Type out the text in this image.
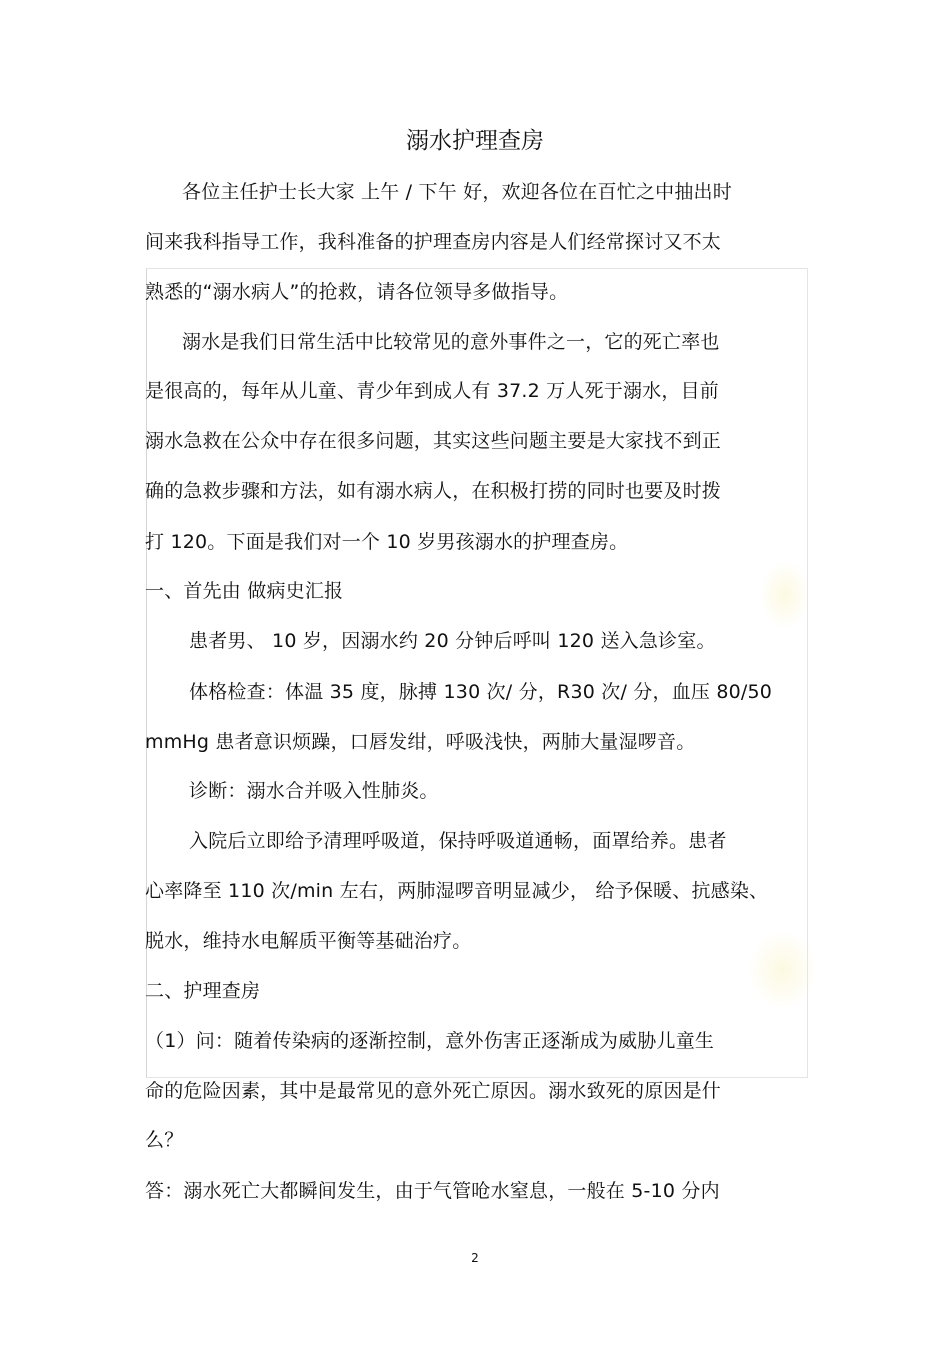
溺水护理查房
各位主任护士长大家 上午 / 下午 好，欢迎各位在百忙之中抽出时
间来我科指导工作，我科准备的护理查房内容是人们经常探讨又不太
熟悉的“溺水病人”的抢救，请各位领导多做指导。
溺水是我们日常生活中比较常见的意外事件之一，它的死亡率也
是很高的，每年从儿童、青少年到成人有 37.2 万人死于溺水，目前
溺水急救在公众中存在很多问题，其实这些问题主要是大家找不到正
确的急救步骤和方法，如有溺水病人，在积极打捞的同时也要及时拨
打 120。下面是我们对一个 10 岁男孩溺水的护理查房。
一、首先由 做病史汇报
患者男、 10 岁，因溺水约 20 分钟后呼叫 120 送入急诊室。
体格检查：体温 35 度，脉搏 130 次/ 分，R30 次/ 分，血压 80/50
mmHg 患者意识烦躁，口唇发绀，呼吸浅快，两肺大量湿啰音。
诊断：溺水合并吸入性肺炎。
入院后立即给予清理呼吸道，保持呼吸道通畅，面罩给养。患者
心率降至 110 次/min 左右，两肺湿啰音明显减少， 给予保暖、抗感染、
脱水，维持水电解质平衡等基础治疗。
二、护理查房
（1）问：随着传染病的逐渐控制，意外伤害正逐渐成为威胁儿童生
命的危险因素，其中是最常见的意外死亡原因。溺水致死的原因是什
么？
答：溺水死亡大都瞬间发生，由于气管呛水窒息，一般在 5-10 分内
2
